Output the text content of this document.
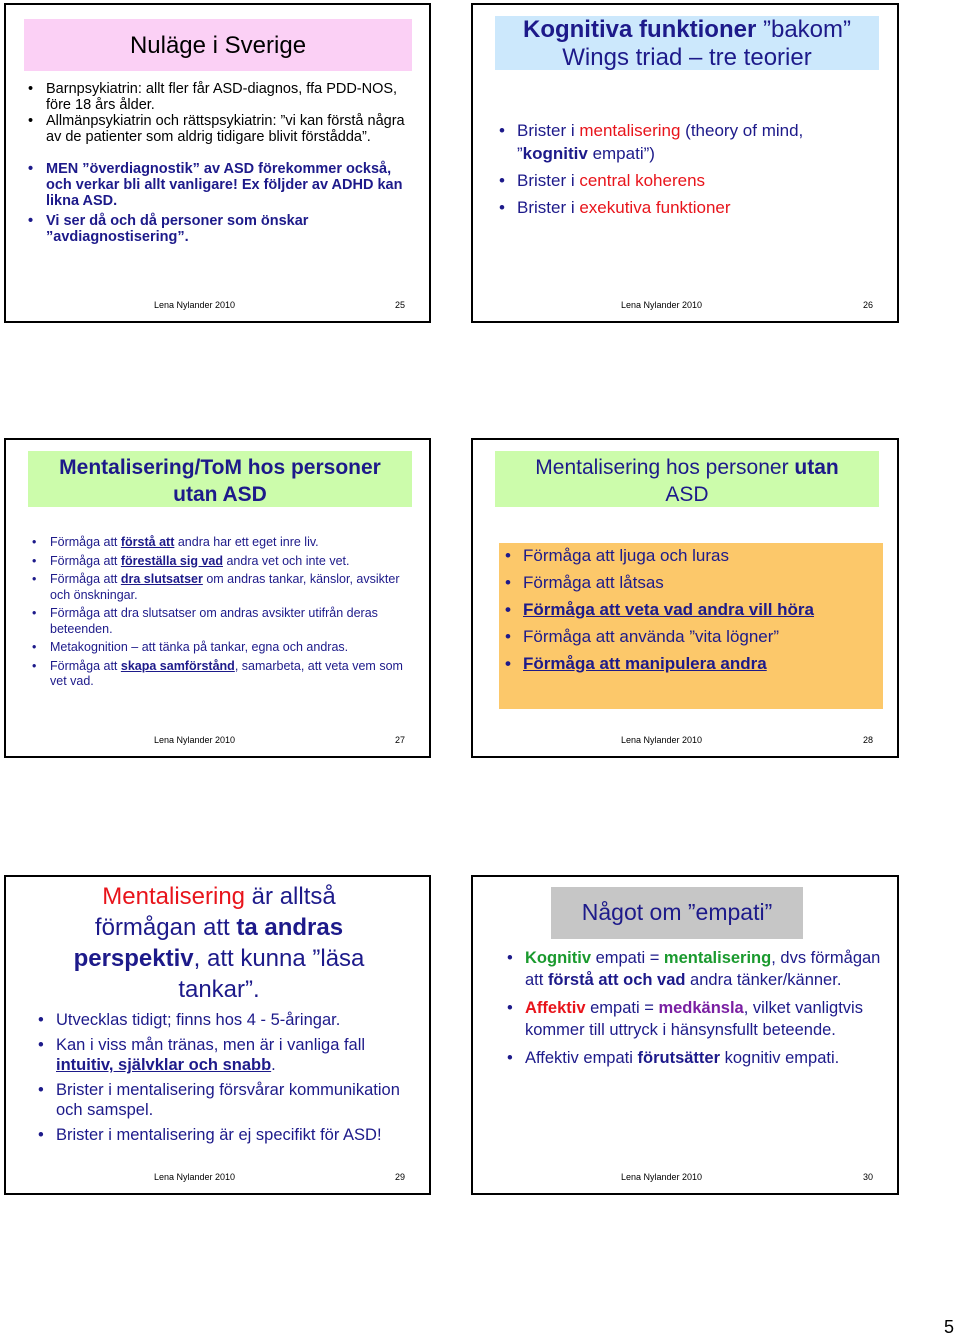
Nuläge i Sverige
• Barnpsykiatrin: allt fler får ASD-diagnos, ffa PDD-NOS, före 18 års ålder.
• Allmänpsykiatrin och rättspsykiatrin: ”vi kan förstå några av de patienter som aldrig tidigare blivit förstådda”.
• MEN ”överdiagnostik” av ASD förekommer också, och verkar bli allt vanligare! Ex följder av ADHD kan likna ASD.
• Vi ser då och då personer som önskar ”avdiagnostisering”.
Lena Nylander 2010	25
Kognitiva funktioner ”bakom”
Wings triad – tre teorier
• Brister i mentalisering (theory of mind,
”kognitiv empati”)
• Brister i central koherens
• Brister i exekutiva funktioner
Lena Nylander 2010	26
Mentalisering/ToM hos personer
utan ASD
• Förmåga att förstå att andra har ett eget inre liv.
• Förmåga att föreställa sig vad andra vet och inte vet.
• Förmåga att dra slutsatser om andras tankar, känslor, avsikter och önskningar.
• Förmåga att dra slutsatser om andras avsikter utifrån deras beteenden.
• Metakognition – att tänka på tankar, egna och andras.
• Förmåga att skapa samförstånd, samarbeta, att veta vem som vet vad.
Lena Nylander 2010	27
Mentalisering hos personer utan
ASD
• Förmåga att ljuga och luras
• Förmåga att låtsas
• Förmåga att veta vad andra vill höra
• Förmåga att använda ”vita lögner”
• Förmåga att manipulera andra
Lena Nylander 2010	28
Mentalisering är alltså
förmågan att ta andras
perspektiv, att kunna ”läsa
tankar”.
• Utvecklas tidigt; finns hos 4 - 5-åringar.
• Kan i viss mån tränas, men är i vanliga fall intuitiv, självklar och snabb.
• Brister i mentalisering försvårar kommunikation och samspel.
• Brister i mentalisering är ej specifikt för ASD!
Lena Nylander 2010	29
Något om ”empati”
• Kognitiv empati = mentalisering, dvs förmågan att förstå att och vad andra tänker/känner.
• Affektiv empati = medkänsla, vilket vanligtvis kommer till uttryck i hänsynsfullt beteende.
• Affektiv empati förutsätter kognitiv empati.
Lena Nylander 2010	30
5
